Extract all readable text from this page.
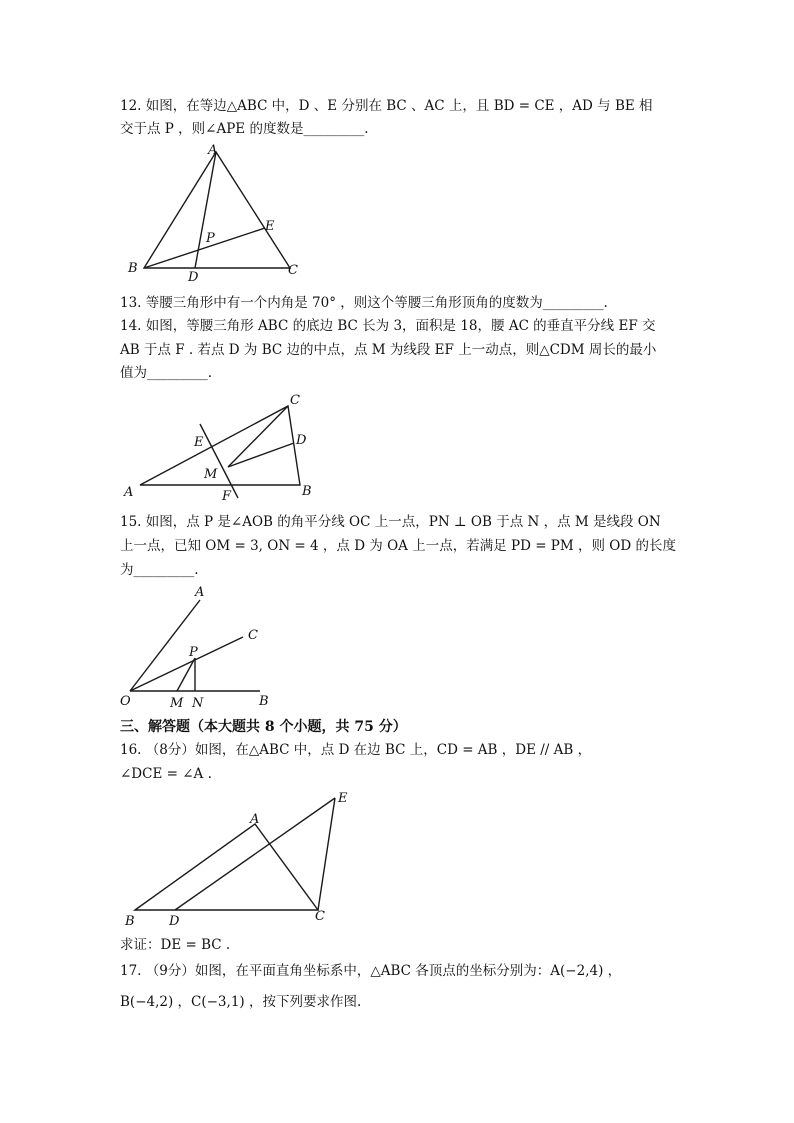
12. 如图，在等边△ABC 中，D 、E 分别在 BC 、AC 上，且 BD = CE ，AD 与 BE 相
交于点 P ，则∠APE 的度数是_________.
A
B	C
D
E
P
13. 等腰三角形中有一个内角是 70° ，则这个等腰三角形顶角的度数为_________.
14. 如图，等腰三角形 ABC 的底边 BC 长为 3，面积是 18，腰 AC 的垂直平分线 EF 交
AB 于点 F . 若点 D 为 BC 边的中点，点 M 为线段 EF 上一动点，则△CDM 周长的最小
值为_________.
C
D
E
M
A	F	B
15. 如图，点 P 是∠AOB 的角平分线 OC 上一点，PN ⊥ OB 于点 N ，点 M 是线段 ON
上一点，已知 OM = 3, ON = 4 ，点 D 为 OA 上一点，若满足 PD = PM ，则 OD 的长度
为_________.
A
C
P
O	M N	B
三、解答题（本大题共 8 个小题，共 75 分）
16. （8分）如图，在△ABC 中，点 D 在边 BC 上，CD = AB ，DE // AB ，
∠DCE = ∠A .
A
E
B	D	C
求证：DE = BC .
17. （9分）如图，在平面直角坐标系中，△ABC 各顶点的坐标分别为：A(−2,4) ，
B(−4,2) ，C(−3,1) ，按下列要求作图.
